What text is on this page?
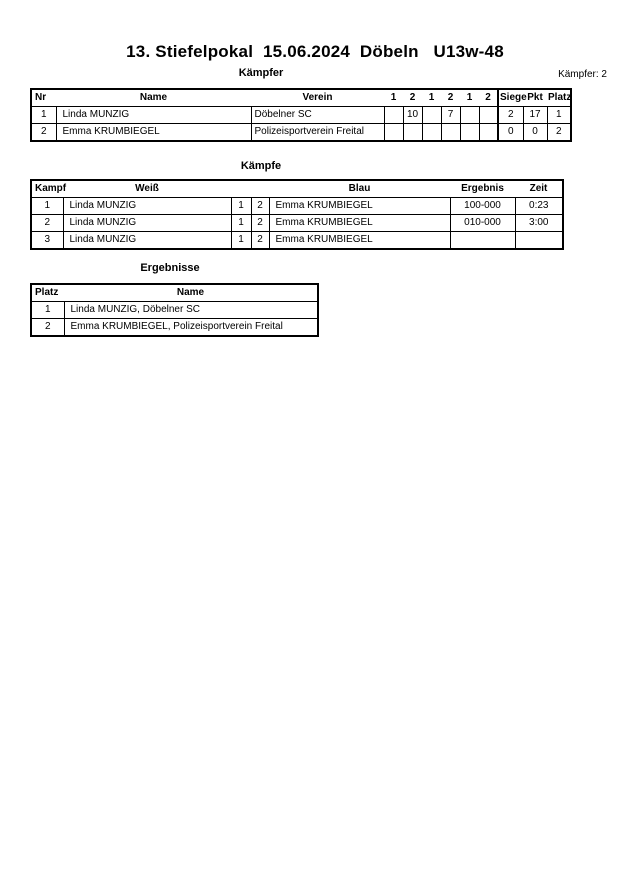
13. Stiefelpokal  15.06.2024  Döbeln   U13w-48
Kämpfer	Kämpfer: 2
Nr	Name	Verein	1	2	1	2	1	2	Siege	Pkt	Platz
1	Linda MUNZIG	Döbelner SC		10		7			2	17	1
2	Emma KRUMBIEGEL	Polizeisportverein Freital							0	0	2
Kämpfe
Kampf	Weiß			Blau	Ergebnis	Zeit
1	Linda MUNZIG	1	2	Emma KRUMBIEGEL	100-000	0:23
2	Linda MUNZIG	1	2	Emma KRUMBIEGEL	010-000	3:00
3	Linda MUNZIG	1	2	Emma KRUMBIEGEL		
Ergebnisse
Platz	Name
1	Linda MUNZIG, Döbelner SC
2	Emma KRUMBIEGEL, Polizeisportverein Freital
